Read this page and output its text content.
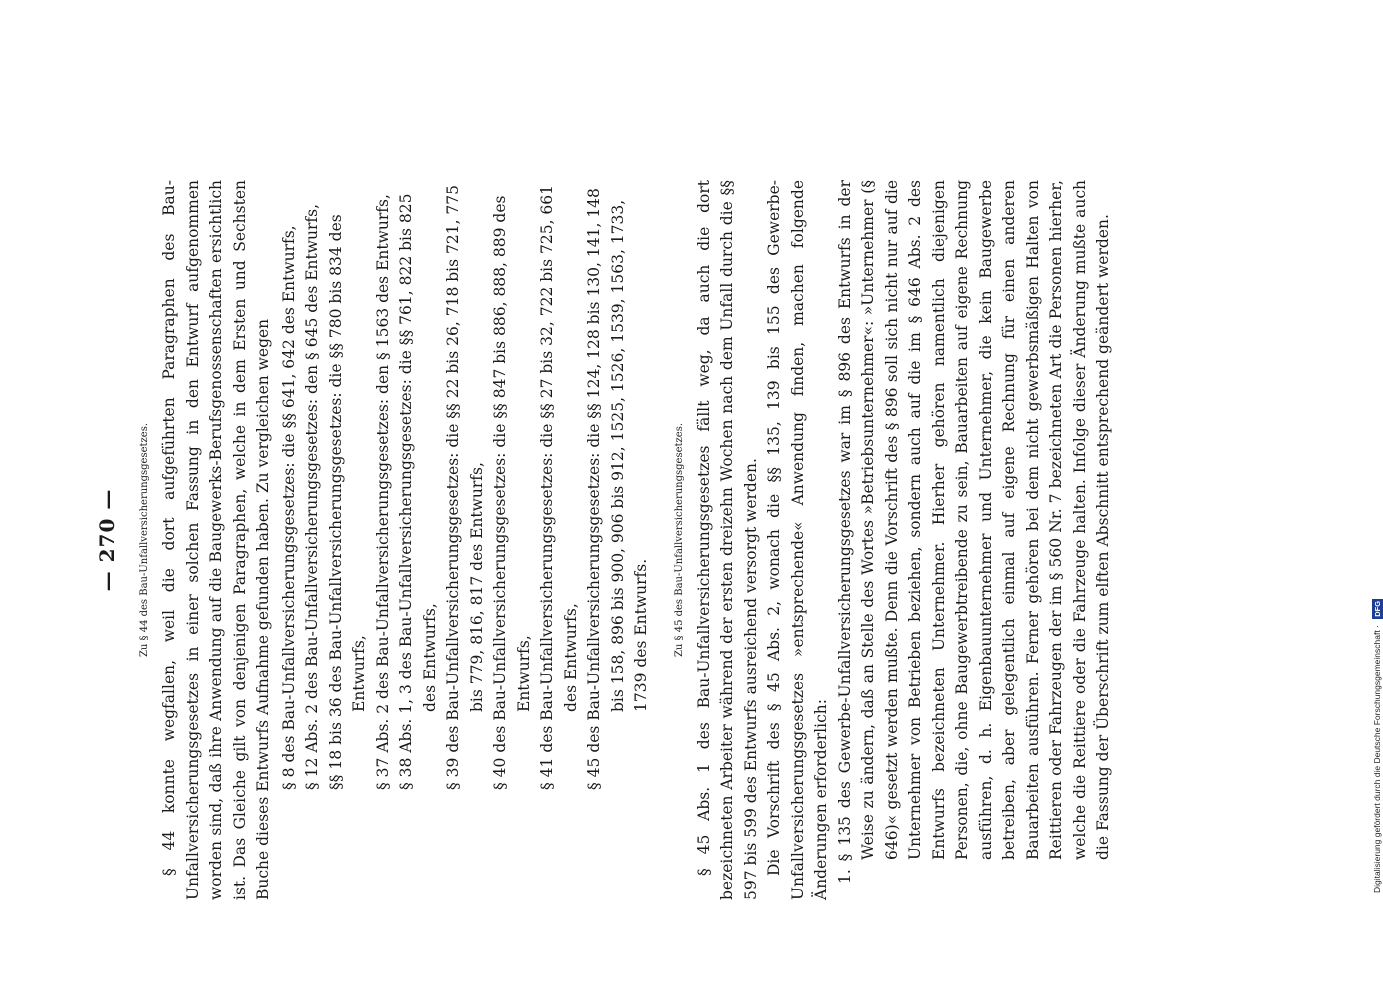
— 270 —	Zu § 44 des Bau-Unfallversicherungsgesetzes. § 44 konnte wegfallen, weil die dort aufgeführten Paragraphen des Bau-Unfallversicherungsgesetzes in einer solchen Fassung in den Entwurf aufgenommen worden sind, daß ihre Anwendung auf die Baugewerks-Berufsgenossenschaften ersichtlich ist. Das Gleiche gilt von denjenigen Paragraphen, welche in dem Ersten und Sechsten Buche dieses Entwurfs Aufnahme gefunden haben. Zu vergleichen wegen § 8 des Bau-Unfallversicherungsgesetzes: die §§ 641, 642 des Entwurfs, § 12 Abs. 2 des Bau-Unfallversicherungsgesetzes: den § 645 des Entwurfs, §§ 18 bis 36 des Bau-Unfallversicherungsgesetzes: die §§ 780 bis 834 des Entwurfs, § 37 Abs. 2 des Bau-Unfallversicherungsgesetzes: den § 1563 des Entwurfs, § 38 Abs. 1, 3 des Bau-Unfallversicherungsgesetzes: die §§ 761, 822 bis 825 des Entwurfs, § 39 des Bau-Unfallversicherungsgesetzes: die §§ 22 bis 26, 718 bis 721, 775 bis 779, 816, 817 des Entwurfs, § 40 des Bau-Unfallversicherungsgesetzes: die §§ 847 bis 886, 888, 889 des Entwurfs, § 41 des Bau-Unfallversicherungsgesetzes: die §§ 27 bis 32, 722 bis 725, 661 des Entwurfs, § 45 des Bau-Unfallversicherungsgesetzes: die §§ 124, 128 bis 130, 141, 148 bis 158, 896 bis 900, 906 bis 912, 1525, 1526, 1539, 1563, 1733, 1739 des Entwurfs.	Zu § 45 des Bau-Unfallversicherungsgesetzes. § 45 Abs. 1 des Bau-Unfallversicherungsgesetzes fällt weg, da auch die dort bezeichneten Arbeiter während der ersten dreizehn Wochen nach dem Unfall durch die §§ 597 bis 599 des Entwurfs ausreichend versorgt werden. Die Vorschrift des § 45 Abs. 2, wonach die §§ 135, 139 bis 155 des Gewerbe-Unfallversicherungsgesetzes »entsprechende« Anwendung finden, machen folgende Änderungen erforderlich: 1. § 135 des Gewerbe-Unfallversicherungsgesetzes war im § 896 des Entwurfs in der Weise zu ändern, daß an Stelle des Wortes »Betriebsunternehmer«: »Unternehmer (§ 646)« gesetzt werden mußte. Denn die Vorschrift des § 896 soll sich nicht nur auf die Unternehmer von Betrieben beziehen, sondern auch auf die im § 646 Abs. 2 des Entwurfs bezeichneten Unternehmer. Hierher gehören namentlich diejenigen Personen, die, ohne Baugewerbtreibende zu sein, Bauarbeiten auf eigene Rechnung ausführen, d. h. Eigenbauunternehmer und Unternehmer, die kein Baugewerbe betreiben, aber gelegentlich einmal auf eigene Rechnung für einen anderen Bauarbeiten ausführen. Ferner gehören bei dem nicht gewerbsmäßigen Halten von Reittieren oder Fahrzeugen der im § 560 Nr. 7 bezeichneten Art die Personen hierher, welche die Reittiere oder die Fahrzeuge halten. Infolge dieser Änderung mußte auch die Fassung der Überschrift zum elften Abschnitt entsprechend geändert werden.	Digitalisierung gefördert durch die Deutsche Forschungsgemeinschaft · DFG
